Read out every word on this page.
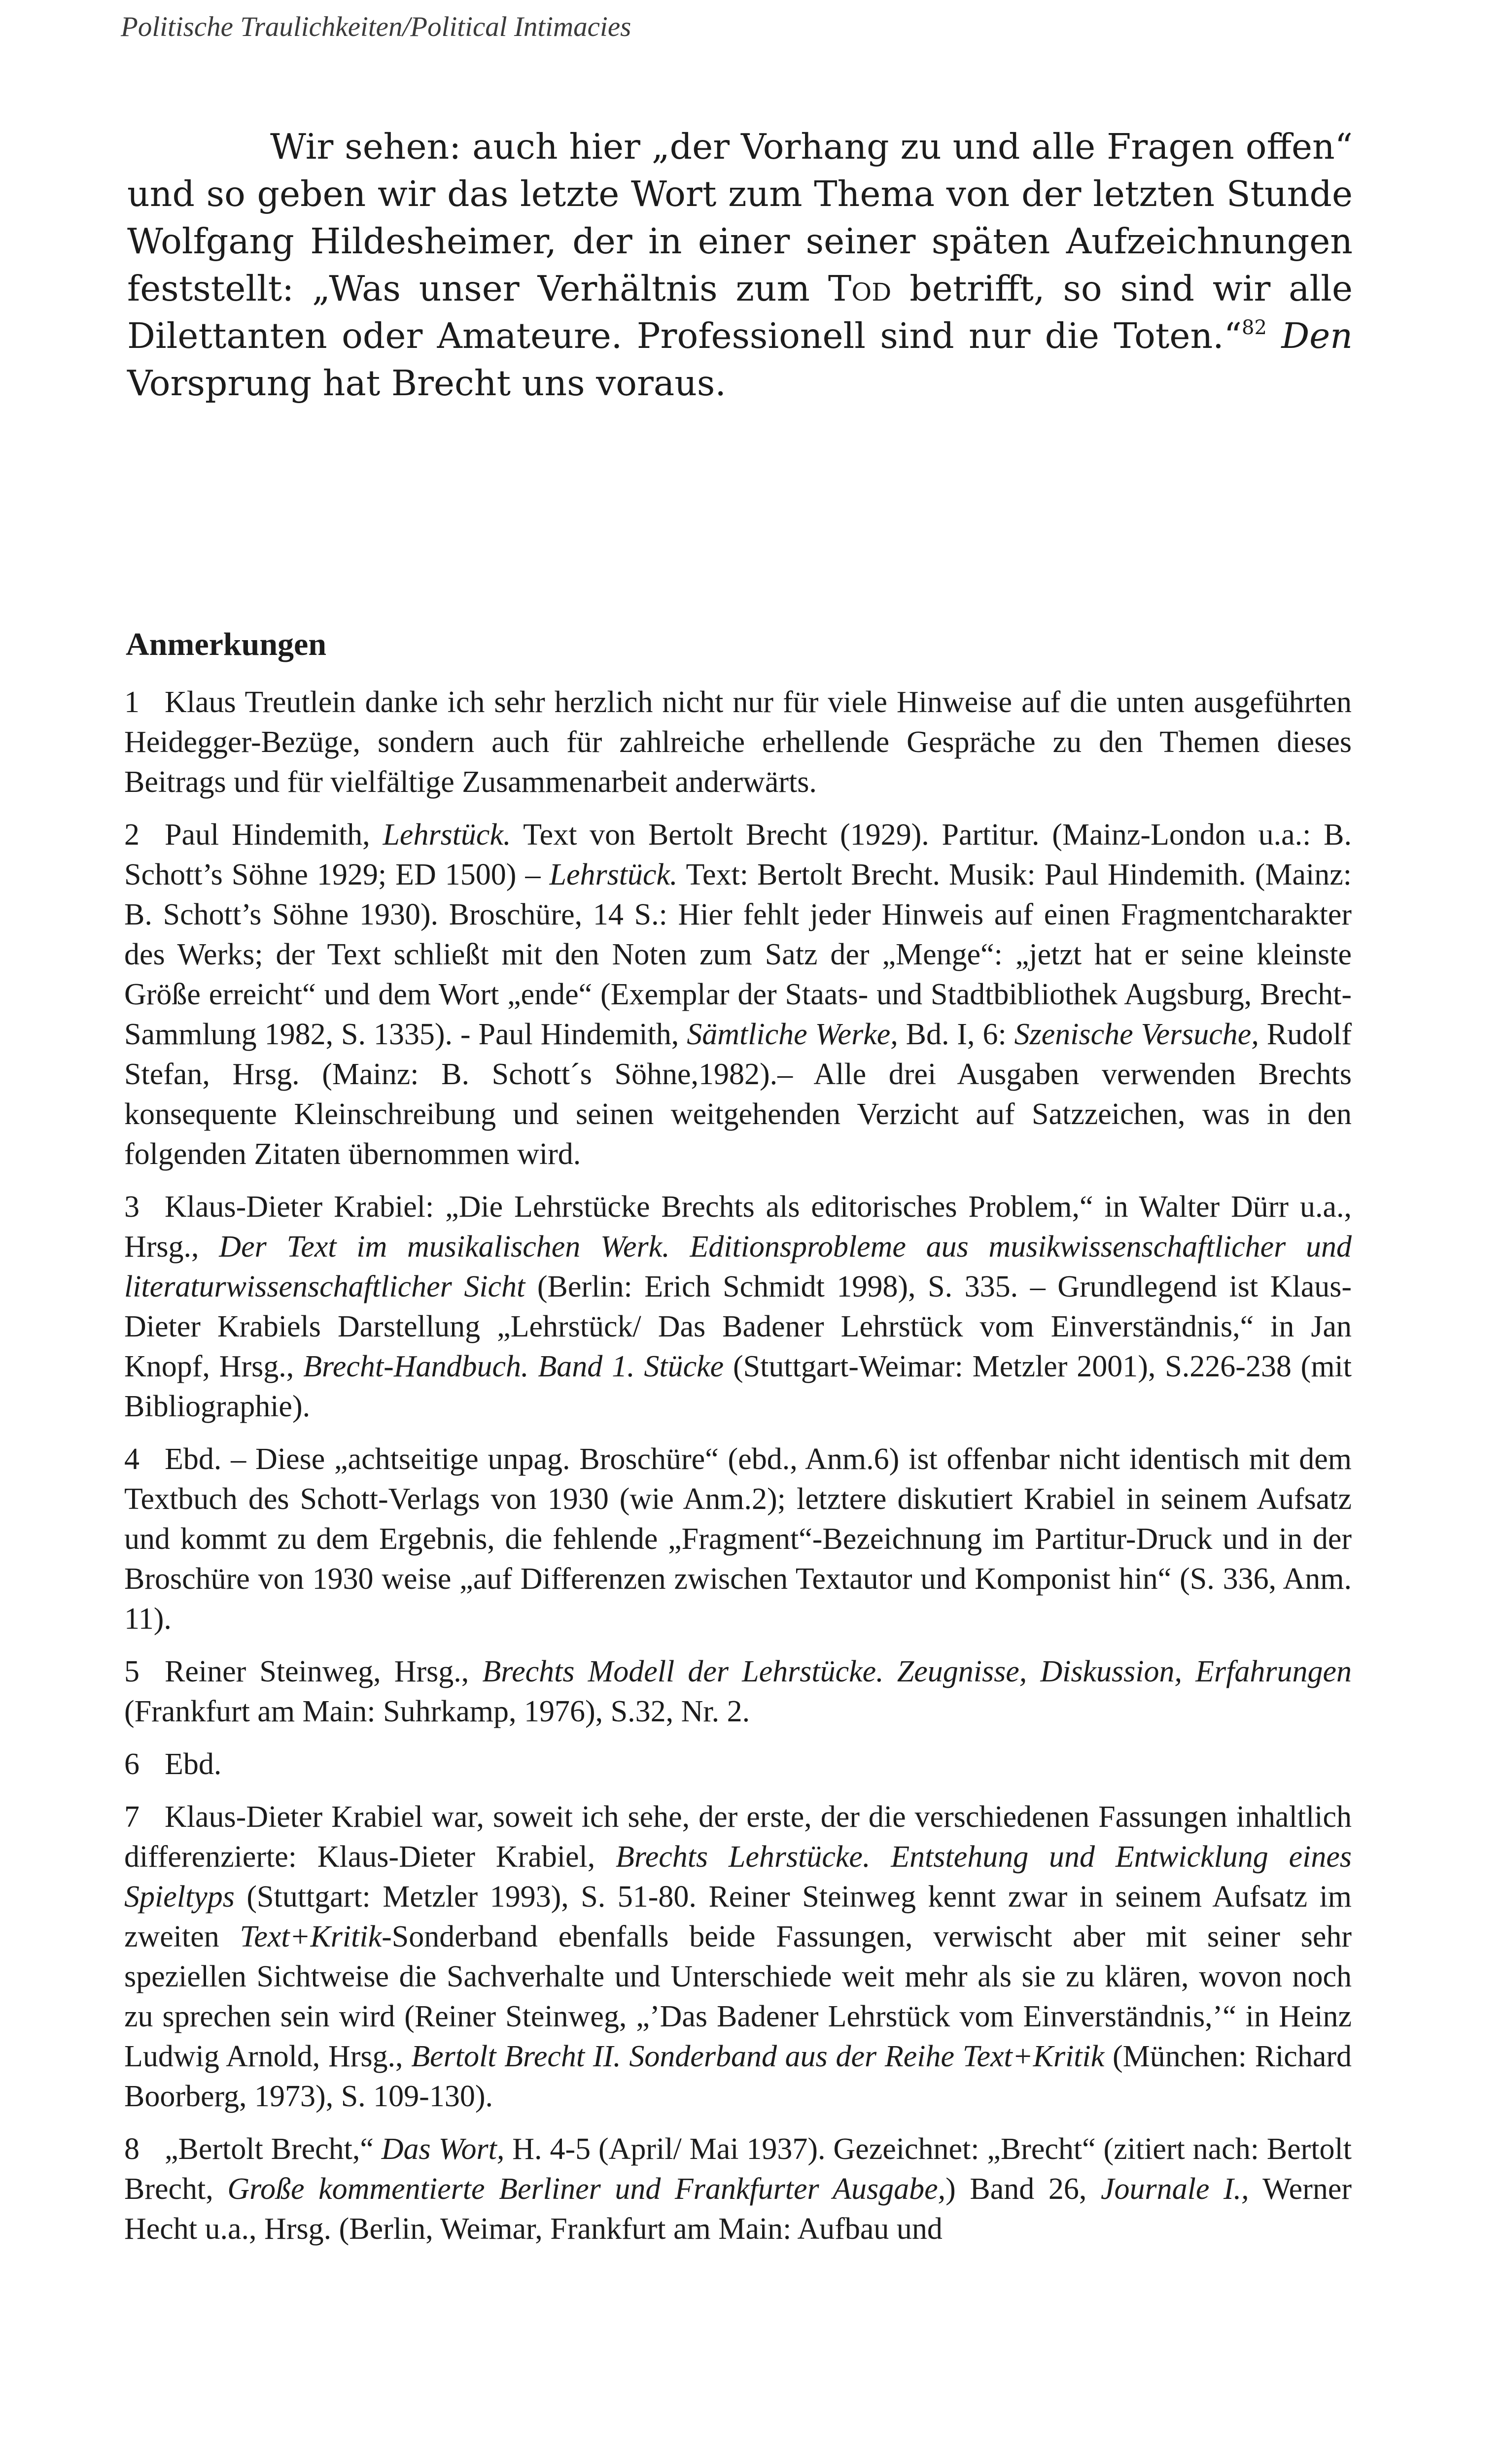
Politische Traulichkeiten/Political Intimacies

Wir sehen: auch hier „der Vorhang zu und alle Fragen offen“ und so geben wir das letzte Wort zum Thema von der letzten Stunde Wolfgang Hildesheimer, der in einer seiner späten Aufzeichnungen feststellt: „Was unser Verhältnis zum Tod betrifft, so sind wir alle Dilettanten oder Amateure. Professionell sind nur die Toten.“$^{82}$ Den Vorsprung hat Brecht uns voraus.

Anmerkungen

1 Klaus Treutlein danke ich sehr herzlich nicht nur für viele Hinweise auf die unten ausgeführten Heidegger-Bezüge, sondern auch für zahlreiche erhellende Gespräche zu den Themen dieses Beitrags und für vielfältige Zusammenarbeit anderwärts.

2 Paul Hindemith, Lehrstück. Text von Bertolt Brecht (1929). Partitur. (Mainz-London u.a.: B. Schott’s Söhne 1929; ED 1500) – Lehrstück. Text: Bertolt Brecht. Musik: Paul Hindemith. (Mainz: B. Schott’s Söhne 1930). Broschüre, 14 S.: Hier fehlt jeder Hinweis auf einen Fragmentcharakter des Werks; der Text schließt mit den Noten zum Satz der „Menge“: „jetzt hat er seine kleinste Größe erreicht“ und dem Wort „ende“ (Exemplar der Staats- und Stadtbibliothek Augsburg, Brecht-Sammlung 1982, S. 1335). - Paul Hindemith, Sämtliche Werke, Bd. I, 6: Szenische Versuche, Rudolf Stefan, Hrsg. (Mainz: B. Schott´s Söhne,1982).– Alle drei Ausgaben verwenden Brechts konsequente Kleinschreibung und seinen weitgehenden Verzicht auf Satzzeichen, was in den folgenden Zitaten übernommen wird.

3 Klaus-Dieter Krabiel: „Die Lehrstücke Brechts als editorisches Problem,“ in Walter Dürr u.a., Hrsg., Der Text im musikalischen Werk. Editionsprobleme aus musikwissenschaftlicher und literaturwissenschaftlicher Sicht (Berlin: Erich Schmidt 1998), S. 335. – Grundlegend ist Klaus-Dieter Krabiels Darstellung „Lehrstück/ Das Badener Lehrstück vom Einverständnis,“ in Jan Knopf, Hrsg., Brecht-Handbuch. Band 1. Stücke (Stuttgart-Weimar: Metzler 2001), S.226-238 (mit Bibliographie).

4 Ebd. – Diese „achtseitige unpag. Broschüre“ (ebd., Anm.6) ist offenbar nicht identisch mit dem Textbuch des Schott-Verlags von 1930 (wie Anm.2); letztere diskutiert Krabiel in seinem Aufsatz und kommt zu dem Ergebnis, die fehlende „Fragment“-Bezeichnung im Partitur-Druck und in der Broschüre von 1930 weise „auf Differenzen zwischen Textautor und Komponist hin“ (S. 336, Anm. 11).

5 Reiner Steinweg, Hrsg., Brechts Modell der Lehrstücke. Zeugnisse, Diskussion, Erfahrungen (Frankfurt am Main: Suhrkamp, 1976), S.32, Nr. 2.

6 Ebd.

7 Klaus-Dieter Krabiel war, soweit ich sehe, der erste, der die verschiedenen Fassungen inhaltlich differenzierte: Klaus-Dieter Krabiel, Brechts Lehrstücke. Entstehung und Entwicklung eines Spieltyps (Stuttgart: Metzler 1993), S. 51-80. Reiner Steinweg kennt zwar in seinem Aufsatz im zweiten Text+Kritik-Sonderband ebenfalls beide Fassungen, verwischt aber mit seiner sehr speziellen Sichtweise die Sachverhalte und Unterschiede weit mehr als sie zu klären, wovon noch zu sprechen sein wird (Reiner Steinweg, „’Das Badener Lehrstück vom Einverständnis,’“ in Heinz Ludwig Arnold, Hrsg., Bertolt Brecht II. Sonderband aus der Reihe Text+Kritik (München: Richard Boorberg, 1973), S. 109-130).

8 „Bertolt Brecht,“ Das Wort, H. 4-5 (April/ Mai 1937). Gezeichnet: „Brecht“ (zitiert nach: Bertolt Brecht, Große kommentierte Berliner und Frankfurter Ausgabe,) Band 26, Journale I., Werner Hecht u.a., Hrsg. (Berlin, Weimar, Frankfurt am Main: Aufbau und
